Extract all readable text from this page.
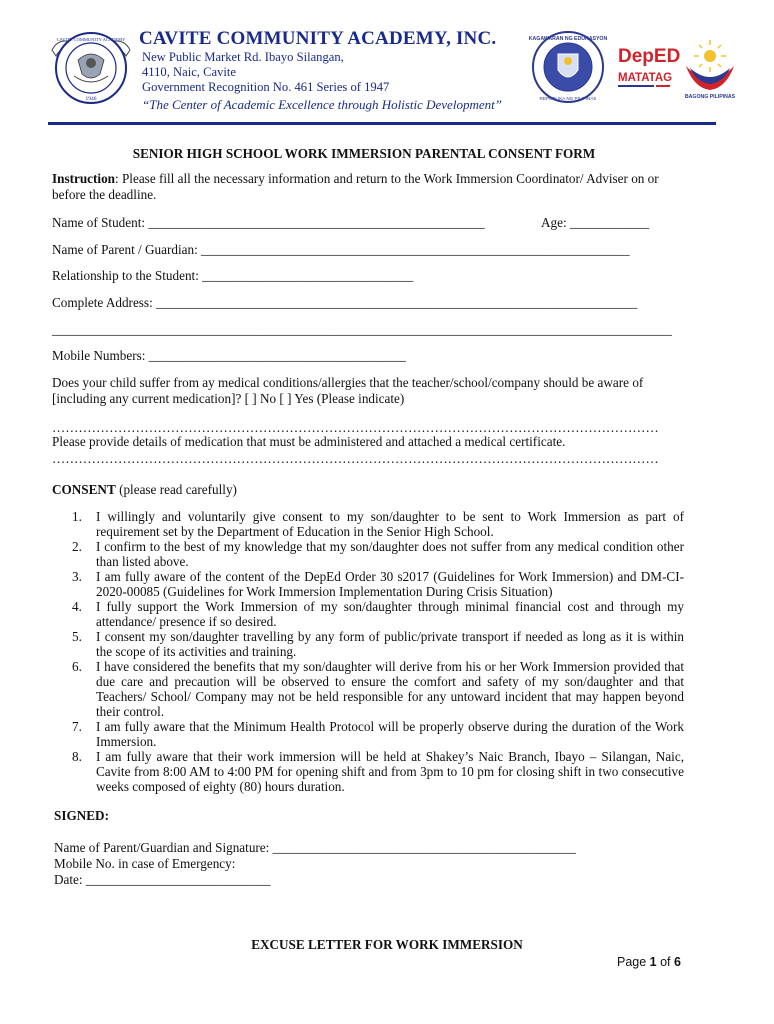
1946
CAVITE COMMUNITY ACADEMY CAVITE COMMUNITY ACADEMY, INC.
New Public Market Rd. Ibayo Silangan,
4110, Naic, Cavite
Government Recognition No. 461 Series of 1947
“The Center of Academic Excellence through Holistic Development”
KAGAWARAN NG EDUKASYON
REPUBLIKA NG PILIPINAS
DepED
MATATAG
BAGONG PILIPINAS
SENIOR HIGH SCHOOL WORK IMMERSION PARENTAL CONSENT FORM
Instruction: Please fill all the necessary information and return to the Work Immersion Coordinator/ Adviser on or before the deadline.
Name of Student: ___________________________________________________	Age: ____________
Name of Parent / Guardian: _________________________________________________________________
Relationship to the Student: ________________________________
Complete Address: _________________________________________________________________________
______________________________________________________________________________________________
Mobile Numbers: _______________________________________
Does your child suffer from ay medical conditions/allergies that the teacher/school/company should be aware of [including any current medication]? [ ] No [ ] Yes (Please indicate)
…………………………………………………………………………………………………………………………
Please provide details of medication that must be administered and attached a medical certificate.
…………………………………………………………………………………………………………………………
CONSENT (please read carefully)
1. I willingly and voluntarily give consent to my son/daughter to be sent to Work Immersion as part of requirement set by the Department of Education in the Senior High School.
2. I confirm to the best of my knowledge that my son/daughter does not suffer from any medical condition other than listed above.
3. I am fully aware of the content of the DepEd Order 30 s2017 (Guidelines for Work Immersion) and DM-CI-2020-00085 (Guidelines for Work Immersion Implementation During Crisis Situation)
4. I fully support the Work Immersion of my son/daughter through minimal financial cost and through my attendance/ presence if so desired.
5. I consent my son/daughter travelling by any form of public/private transport if needed as long as it is within the scope of its activities and training.
6. I have considered the benefits that my son/daughter will derive from his or her Work Immersion provided that due care and precaution will be observed to ensure the comfort and safety of my son/daughter and that Teachers/ School/ Company may not be held responsible for any untoward incident that may happen beyond their control.
7. I am fully aware that the Minimum Health Protocol will be properly observe during the duration of the Work Immersion.
8. I am fully aware that their work immersion will be held at Shakey’s Naic Branch, Ibayo – Silangan, Naic, Cavite from 8:00 AM to 4:00 PM for opening shift and from 3pm to 10 pm for closing shift in two consecutive weeks composed of eighty (80) hours duration.
SIGNED:
Name of Parent/Guardian and Signature: ______________________________________________
Mobile No. in case of Emergency:
Date: ____________________________
EXCUSE LETTER FOR WORK IMMERSION
Page 1 of 6
